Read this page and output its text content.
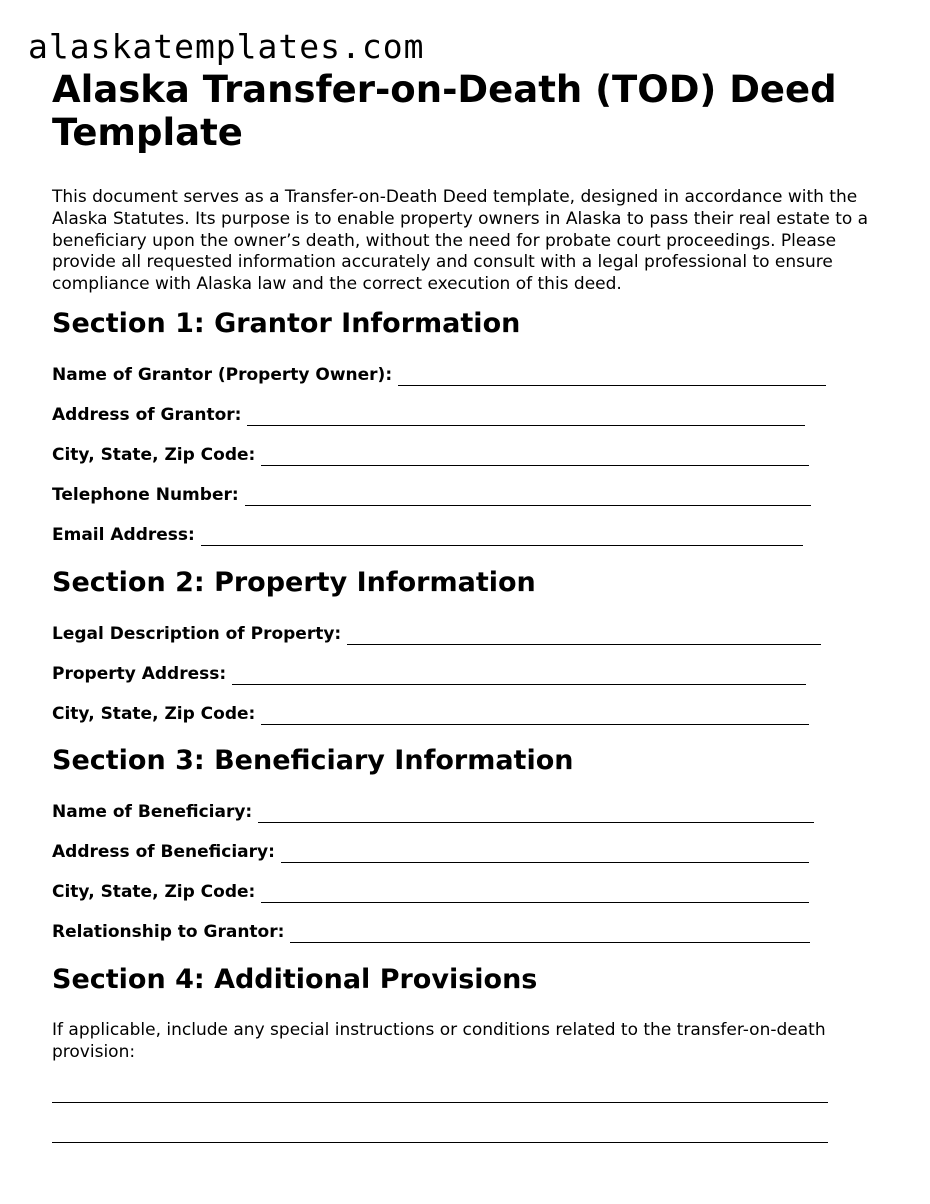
alaskatemplates.com
Alaska Transfer-on-Death (TOD) Deed Template

This document serves as a Transfer-on-Death Deed template, designed in accordance with the Alaska Statutes. Its purpose is to enable property owners in Alaska to pass their real estate to a beneficiary upon the owner’s death, without the need for probate court proceedings. Please provide all requested information accurately and consult with a legal professional to ensure compliance with Alaska law and the correct execution of this deed.

Section 1: Grantor Information
Name of Grantor (Property Owner):
Address of Grantor:
City, State, Zip Code:
Telephone Number:
Email Address:
Section 2: Property Information
Legal Description of Property:
Property Address:
City, State, Zip Code:
Section 3: Beneficiary Information
Name of Beneficiary:
Address of Beneficiary:
City, State, Zip Code:
Relationship to Grantor:
Section 4: Additional Provisions

If applicable, include any special instructions or conditions related to the transfer-on-death provision:
